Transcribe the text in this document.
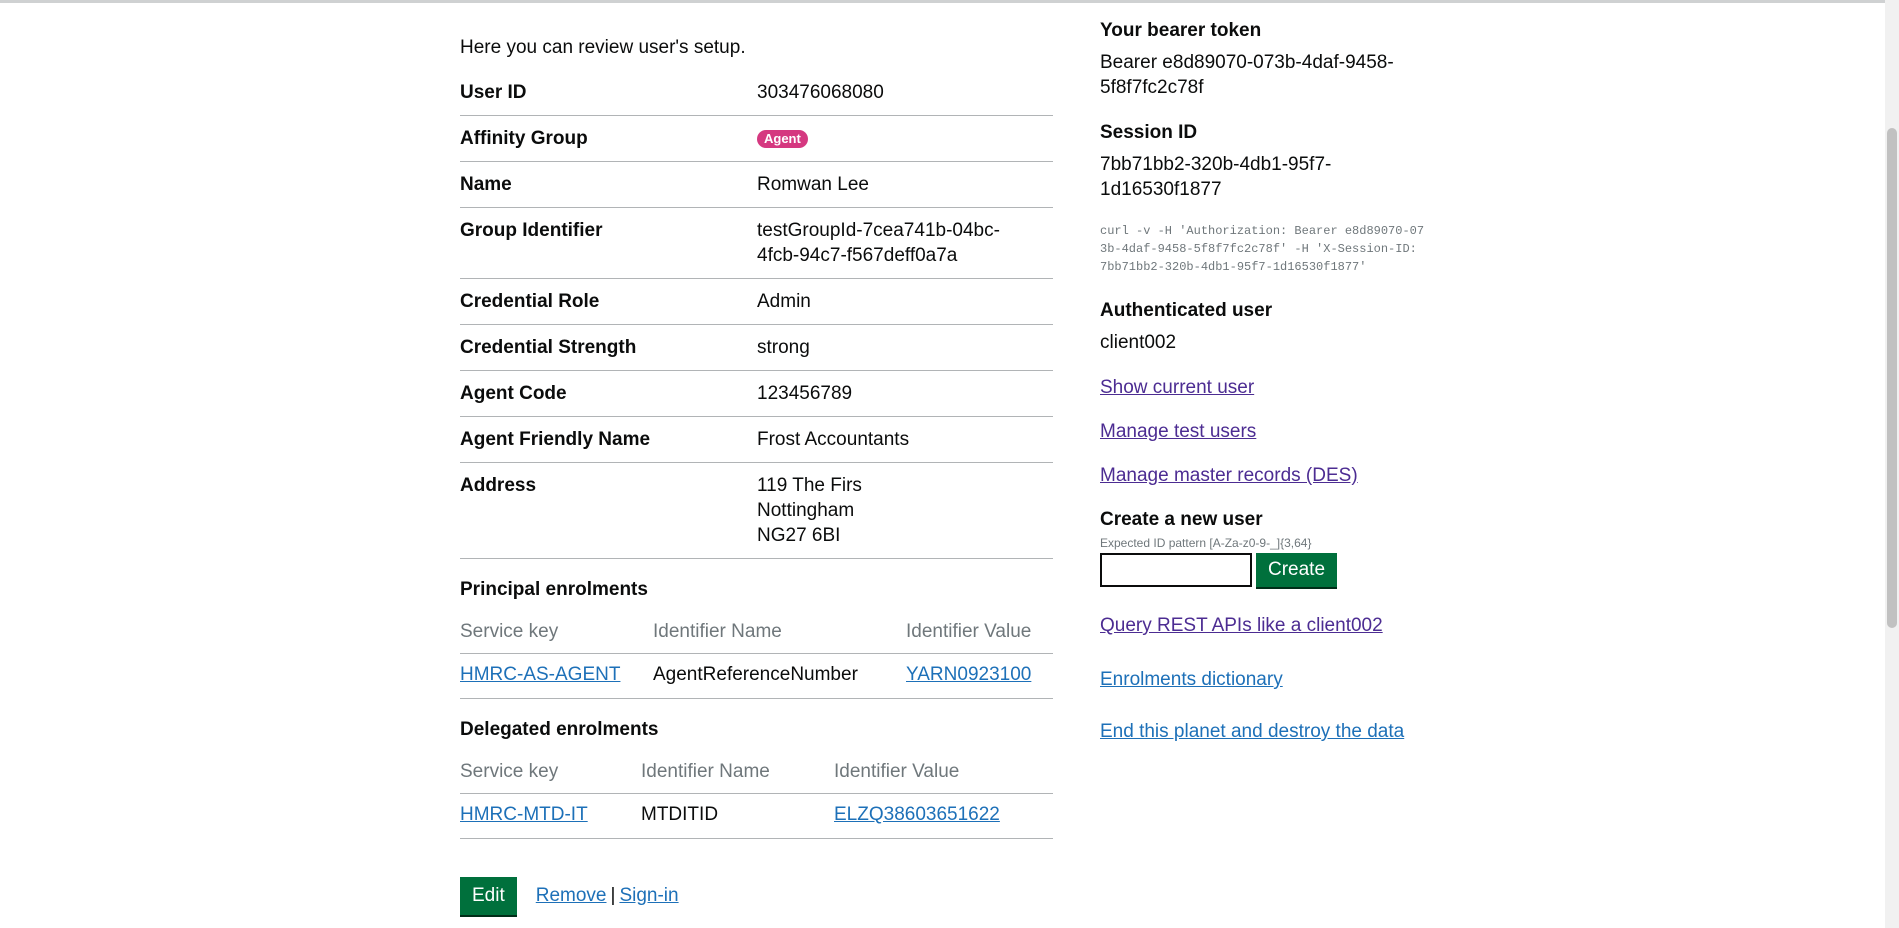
Here you can review user's setup.

User ID	303476068080
Affinity Group	Agent
Name	Romwan Lee
Group Identifier	testGroupId-7cea741b-04bc-
4fcb-94c7-f567deff0a7a
Credential Role	Admin
Credential Strength	strong
Agent Code	123456789
Agent Friendly Name	Frost Accountants
Address	119 The Firs
Nottingham
NG27 6BI
Principal enrolments
Service key	Identifier Name	Identifier Value
HMRC-AS-AGENT	AgentReferenceNumber	YARN0923100
Delegated enrolments
Service key	Identifier Name	Identifier Value
HMRC-MTD-IT	MTDITID	ELZQ38603651622
Edit	Remove | Sign-in
Your bearer token
Bearer e8d89070-073b-4daf-9458-5f8f7fc2c78f
Session ID
7bb71bb2-320b-4db1-95f7-1d16530f1877
curl -v -H 'Authorization: Bearer e8d89070-073b-4daf-9458-5f8f7fc2c78f' -H 'X-Session-ID: 7bb71bb2-320b-4db1-95f7-1d16530f1877'
Authenticated user
client002
Show current user
Manage test users
Manage master records (DES)
Create a new user
Expected ID pattern [A-Za-z0-9-_]{3,64}
Create
Query REST APIs like a client002
Enrolments dictionary
End this planet and destroy the data
